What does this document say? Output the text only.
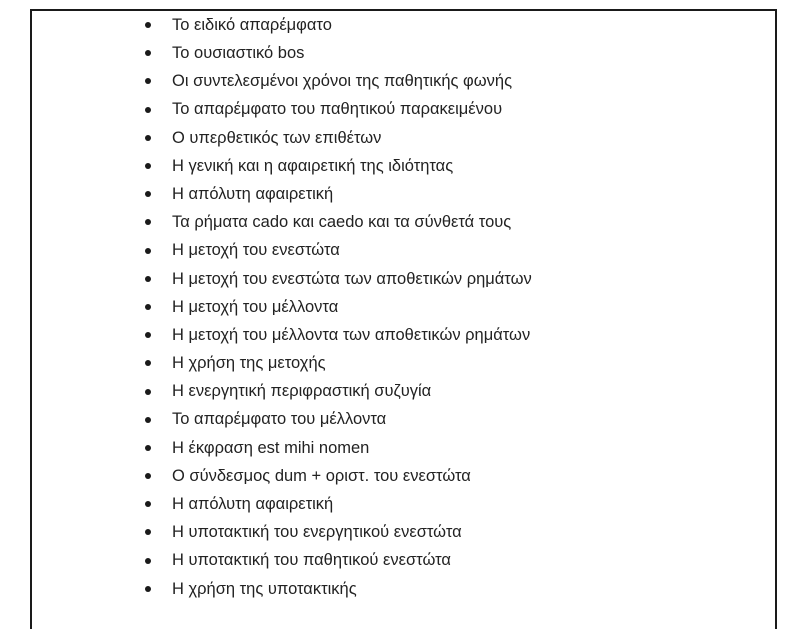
Το ειδικό απαρέμφατο
Το ουσιαστικό bos
Οι συντελεσμένοι χρόνοι της παθητικής φωνής
Το απαρέμφατο του παθητικού παρακειμένου
Ο υπερθετικός των επιθέτων
Η γενική και η αφαιρετική της ιδιότητας
Η απόλυτη αφαιρετική
Τα ρήματα cado και caedo και τα σύνθετά τους
Η μετοχή του ενεστώτα
Η μετοχή του ενεστώτα των αποθετικών ρημάτων
Η μετοχή του μέλλοντα
Η μετοχή του μέλλοντα των αποθετικών ρημάτων
Η χρήση της μετοχής
Η ενεργητική περιφραστική συζυγία
Το απαρέμφατο του μέλλοντα
Η έκφραση est mihi nomen
Ο σύνδεσμος dum + οριστ. του ενεστώτα
Η απόλυτη αφαιρετική
Η υποτακτική του ενεργητικού ενεστώτα
Η υποτακτική του παθητικού ενεστώτα
Η χρήση της υποτακτικής
